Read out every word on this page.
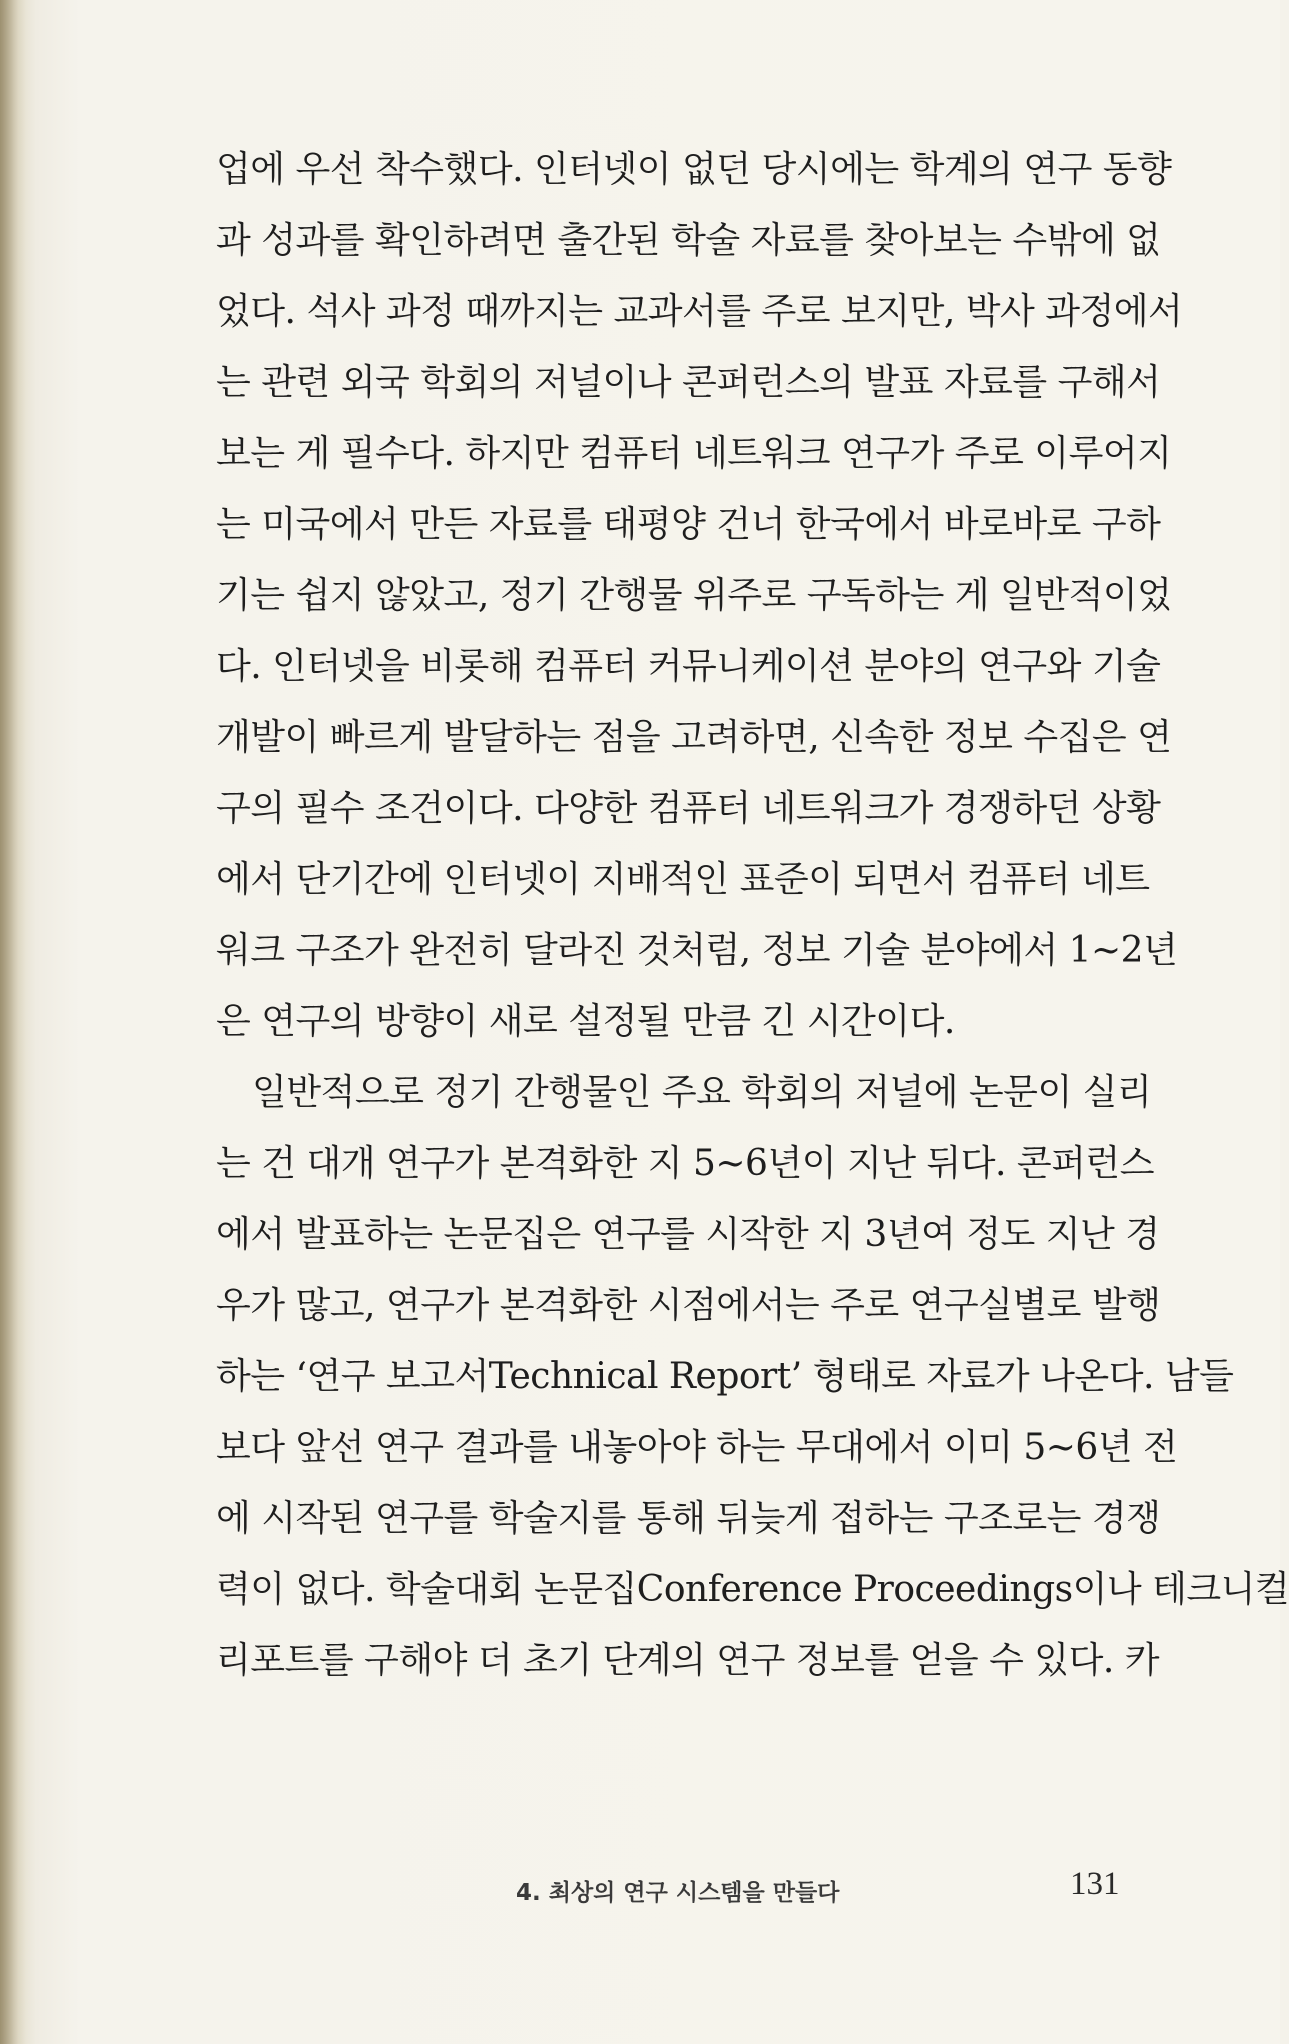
업에 우선 착수했다. 인터넷이 없던 당시에는 학계의 연구 동향
과 성과를 확인하려면 출간된 학술 자료를 찾아보는 수밖에 없
었다. 석사 과정 때까지는 교과서를 주로 보지만, 박사 과정에서
는 관련 외국 학회의 저널이나 콘퍼런스의 발표 자료를 구해서
보는 게 필수다. 하지만 컴퓨터 네트워크 연구가 주로 이루어지
는 미국에서 만든 자료를 태평양 건너 한국에서 바로바로 구하
기는 쉽지 않았고, 정기 간행물 위주로 구독하는 게 일반적이었
다. 인터넷을 비롯해 컴퓨터 커뮤니케이션 분야의 연구와 기술
개발이 빠르게 발달하는 점을 고려하면, 신속한 정보 수집은 연
구의 필수 조건이다. 다양한 컴퓨터 네트워크가 경쟁하던 상황
에서 단기간에 인터넷이 지배적인 표준이 되면서 컴퓨터 네트
워크 구조가 완전히 달라진 것처럼, 정보 기술 분야에서 1~2년
은 연구의 방향이 새로 설정될 만큼 긴 시간이다.
일반적으로 정기 간행물인 주요 학회의 저널에 논문이 실리
는 건 대개 연구가 본격화한 지 5~6년이 지난 뒤다. 콘퍼런스
에서 발표하는 논문집은 연구를 시작한 지 3년여 정도 지난 경
우가 많고, 연구가 본격화한 시점에서는 주로 연구실별로 발행
하는 ‘연구 보고서Technical Report’ 형태로 자료가 나온다. 남들
보다 앞선 연구 결과를 내놓아야 하는 무대에서 이미 5~6년 전
에 시작된 연구를 학술지를 통해 뒤늦게 접하는 구조로는 경쟁
력이 없다. 학술대회 논문집Conference Proceedings이나 테크니컬
리포트를 구해야 더 초기 단계의 연구 정보를 얻을 수 있다. 카
4. 최상의 연구 시스템을 만들다	131
